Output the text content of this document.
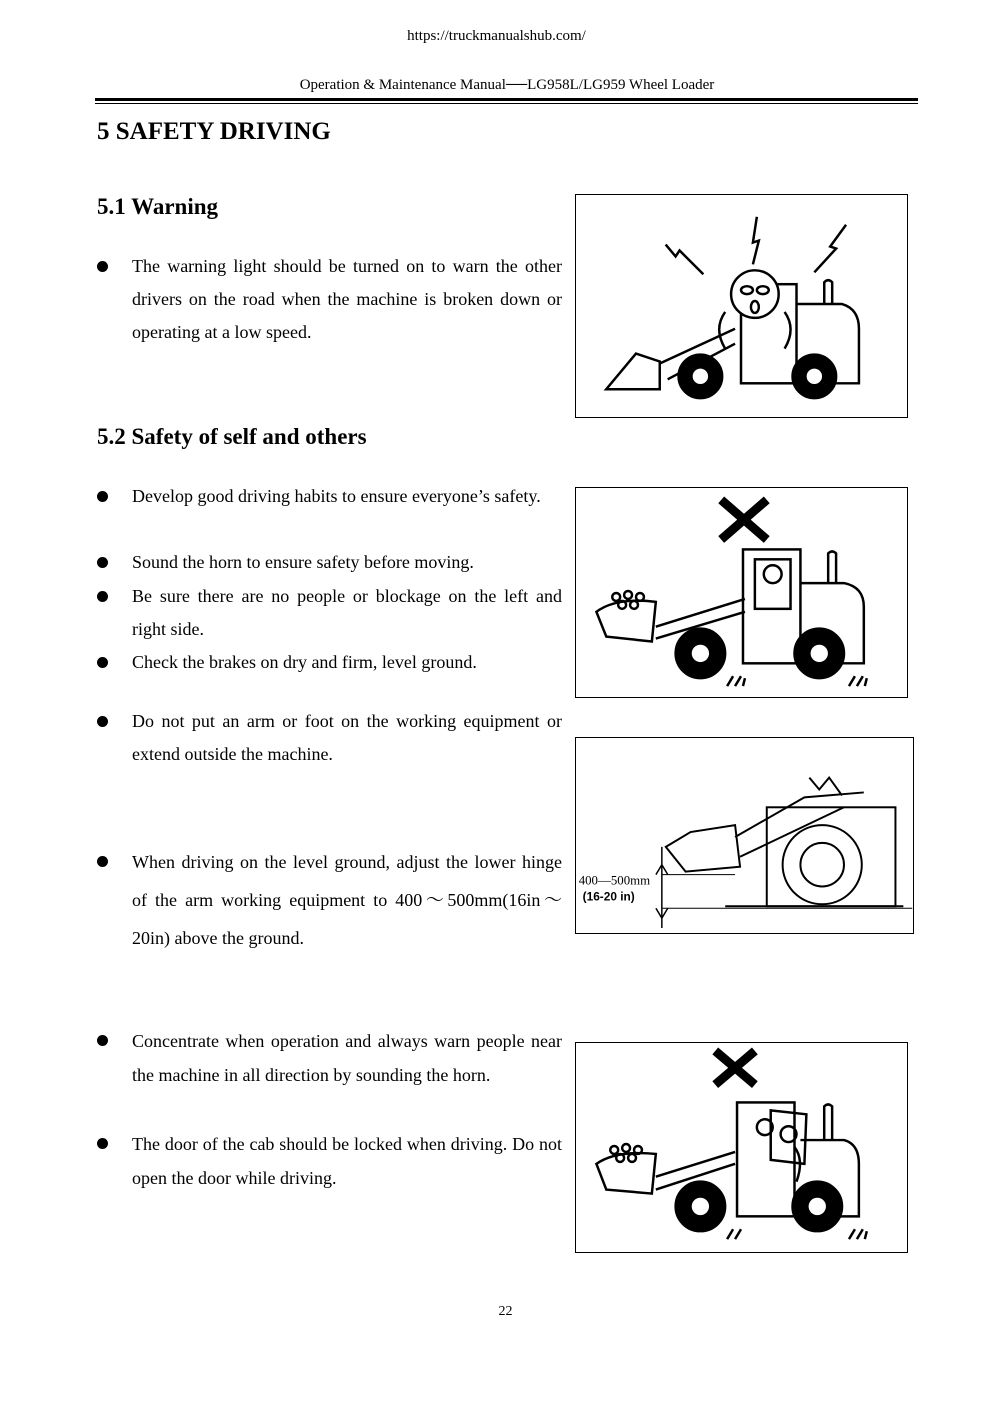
https://truckmanualshub.com/
Operation & Maintenance Manual──LG958L/LG959 Wheel Loader
5 SAFETY DRIVING
5.1 Warning
The warning light should be turned on to warn the other drivers on the road when the machine is broken down or operating at a low speed.
5.2 Safety of self and others
Develop good driving habits to ensure everyone’s safety.
Sound the horn to ensure safety before moving.
Be sure there are no people or blockage on the left and right side.
Check the brakes on dry and firm, level ground.
Do not put an arm or foot on the working equipment or extend outside the machine.
When driving on the level ground, adjust the lower hinge of the arm working equipment to 400～500mm(16in～20in) above the ground.
Concentrate when operation and always warn people near the machine in all direction by sounding the horn.
The door of the cab should be locked when driving. Do not open the door while driving.
400—500mm
(16-20 in)
22
